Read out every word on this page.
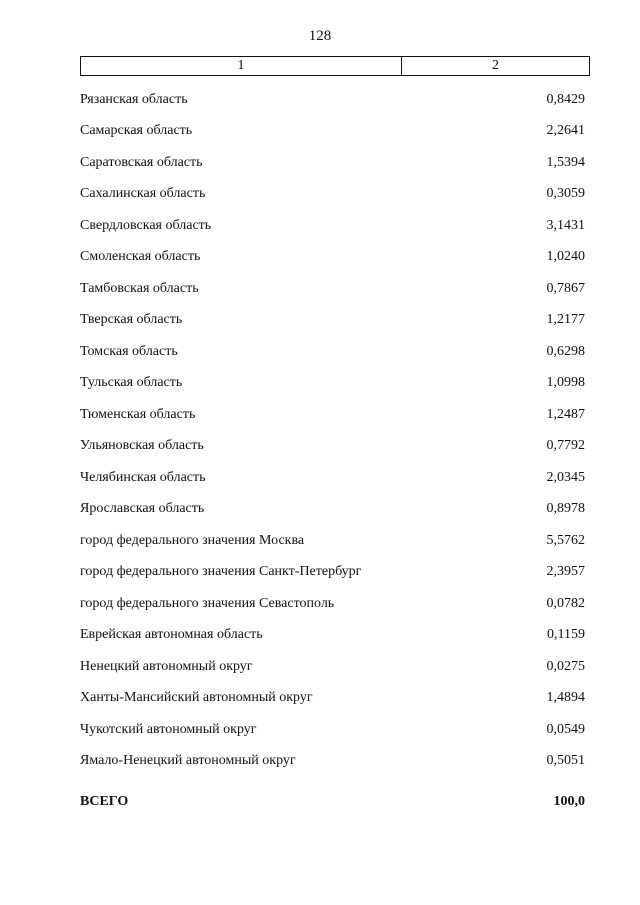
128
1	2
Рязанская область	0,8429
Самарская область	2,2641
Саратовская область	1,5394
Сахалинская область	0,3059
Свердловская область	3,1431
Смоленская область	1,0240
Тамбовская область	0,7867
Тверская область	1,2177
Томская область	0,6298
Тульская область	1,0998
Тюменская область	1,2487
Ульяновская область	0,7792
Челябинская область	2,0345
Ярославская область	0,8978
город федерального значения Москва	5,5762
город федерального значения Санкт-Петербург	2,3957
город федерального значения Севастополь	0,0782
Еврейская автономная область	0,1159
Ненецкий автономный округ	0,0275
Ханты-Мансийский автономный округ	1,4894
Чукотский автономный округ	0,0549
Ямало-Ненецкий автономный округ	0,5051
ВСЕГО	100,0
